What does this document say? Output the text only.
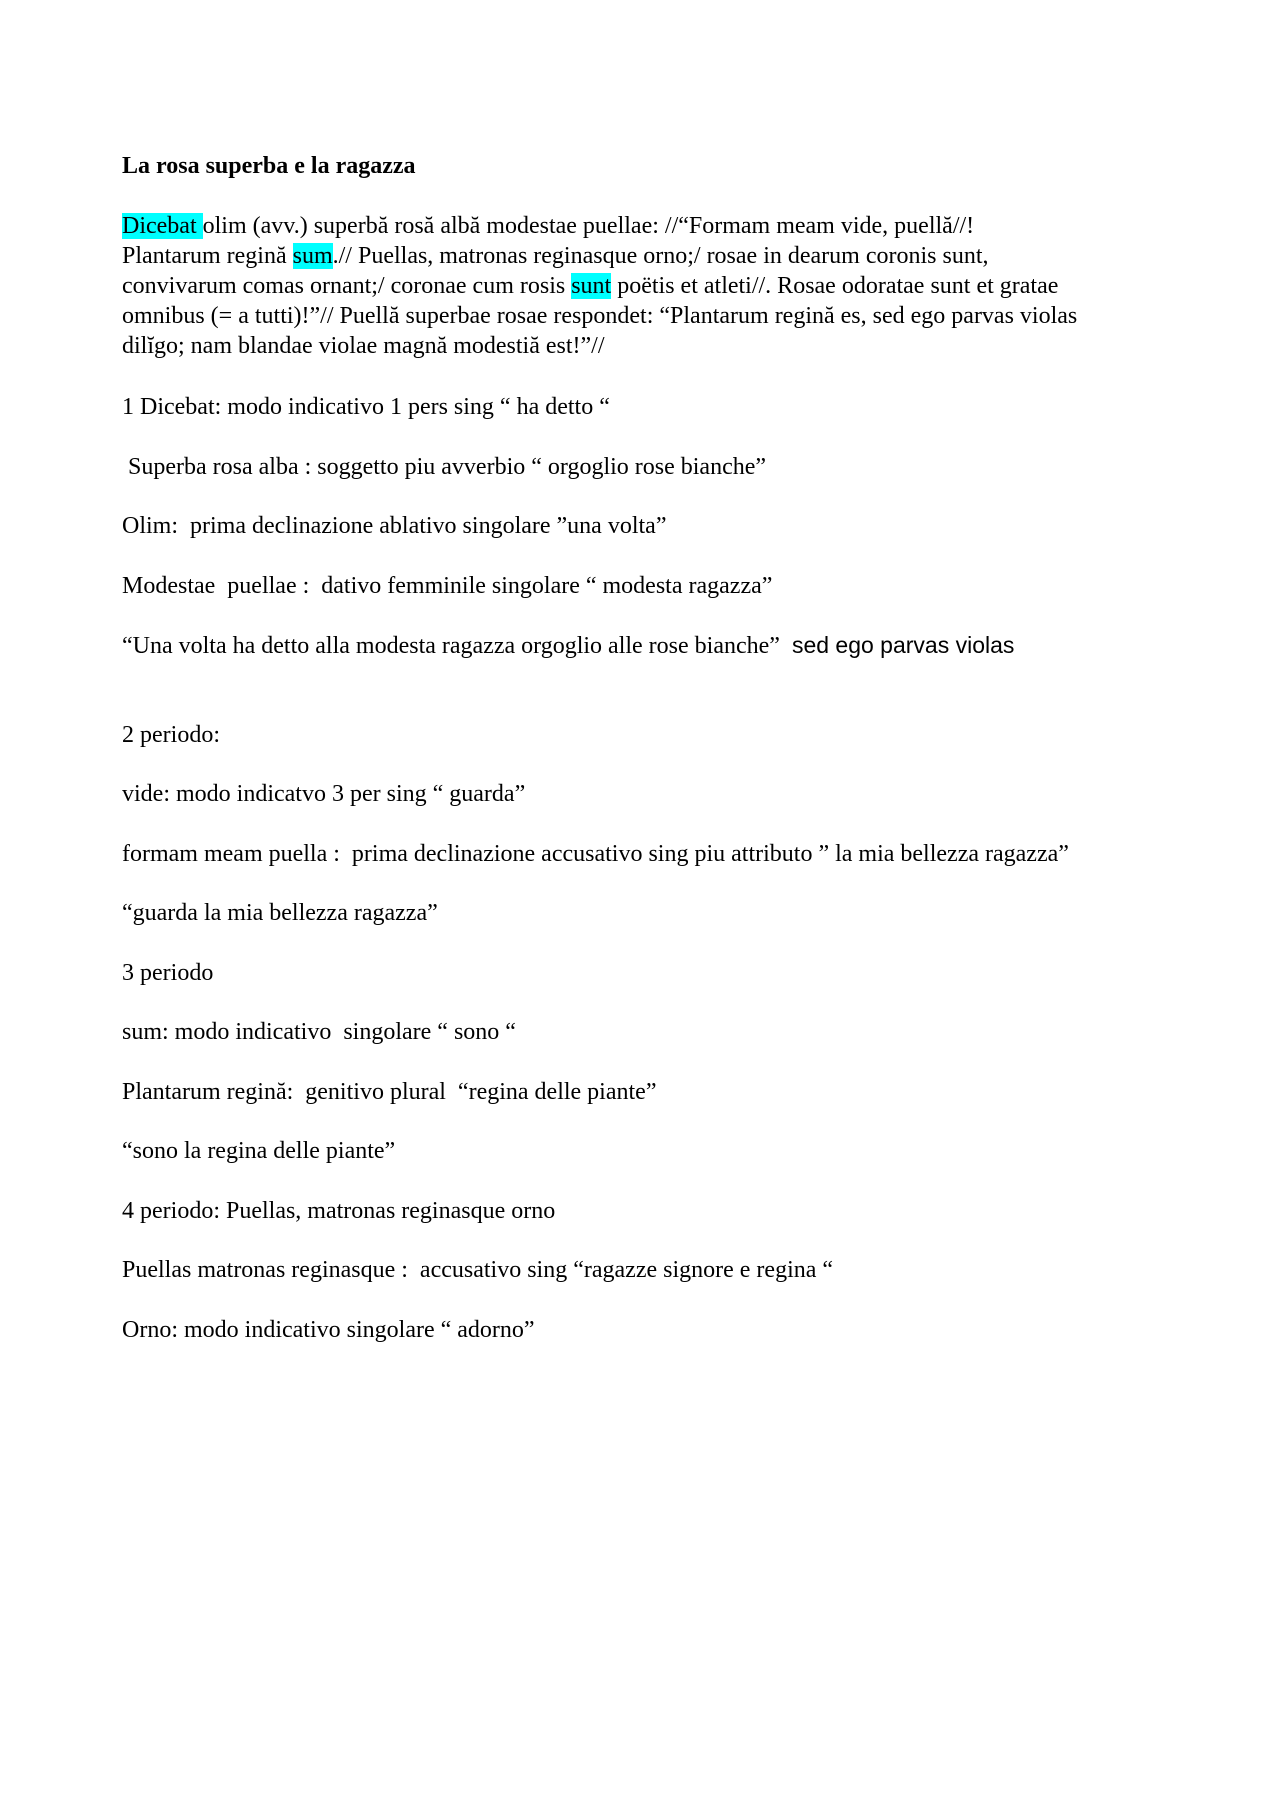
La rosa superba e la ragazza
Dicebat olim (avv.) superbă rosă albă modestae puellae: //“Formam meam vide, puellă//!
Plantarum regină sum.// Puellas, matronas reginasque orno;/ rosae in dearum coronis sunt,
convivarum comas ornant;/ coronae cum rosis sunt poëtis et atleti//. Rosae odoratae sunt et gratae
omnibus (= a tutti)!”// Puellă superbae rosae respondet: “Plantarum regină es, sed ego parvas violas
dilĭgo; nam blandae violae magnă modestiă est!”//

1 Dicebat: modo indicativo 1 pers sing “ ha detto “

Superba rosa alba : soggetto piu avverbio “ orgoglio rose bianche”

Olim:  prima declinazione ablativo singolare ”una volta”

Modestae  puellae :  dativo femminile singolare “ modesta ragazza”

“Una volta ha detto alla modesta ragazza orgoglio alle rose bianche”  sed ego parvas violas

2 periodo:

vide: modo indicatvo 3 per sing “ guarda”

formam meam puella :  prima declinazione accusativo sing piu attributo ” la mia bellezza ragazza”

“guarda la mia bellezza ragazza”

3 periodo

sum: modo indicativo  singolare “ sono “

Plantarum regină:  genitivo plural  “regina delle piante”

“sono la regina delle piante”

4 periodo: Puellas, matronas reginasque orno

Puellas matronas reginasque :  accusativo sing “ragazze signore e regina “

Orno: modo indicativo singolare “ adorno”
